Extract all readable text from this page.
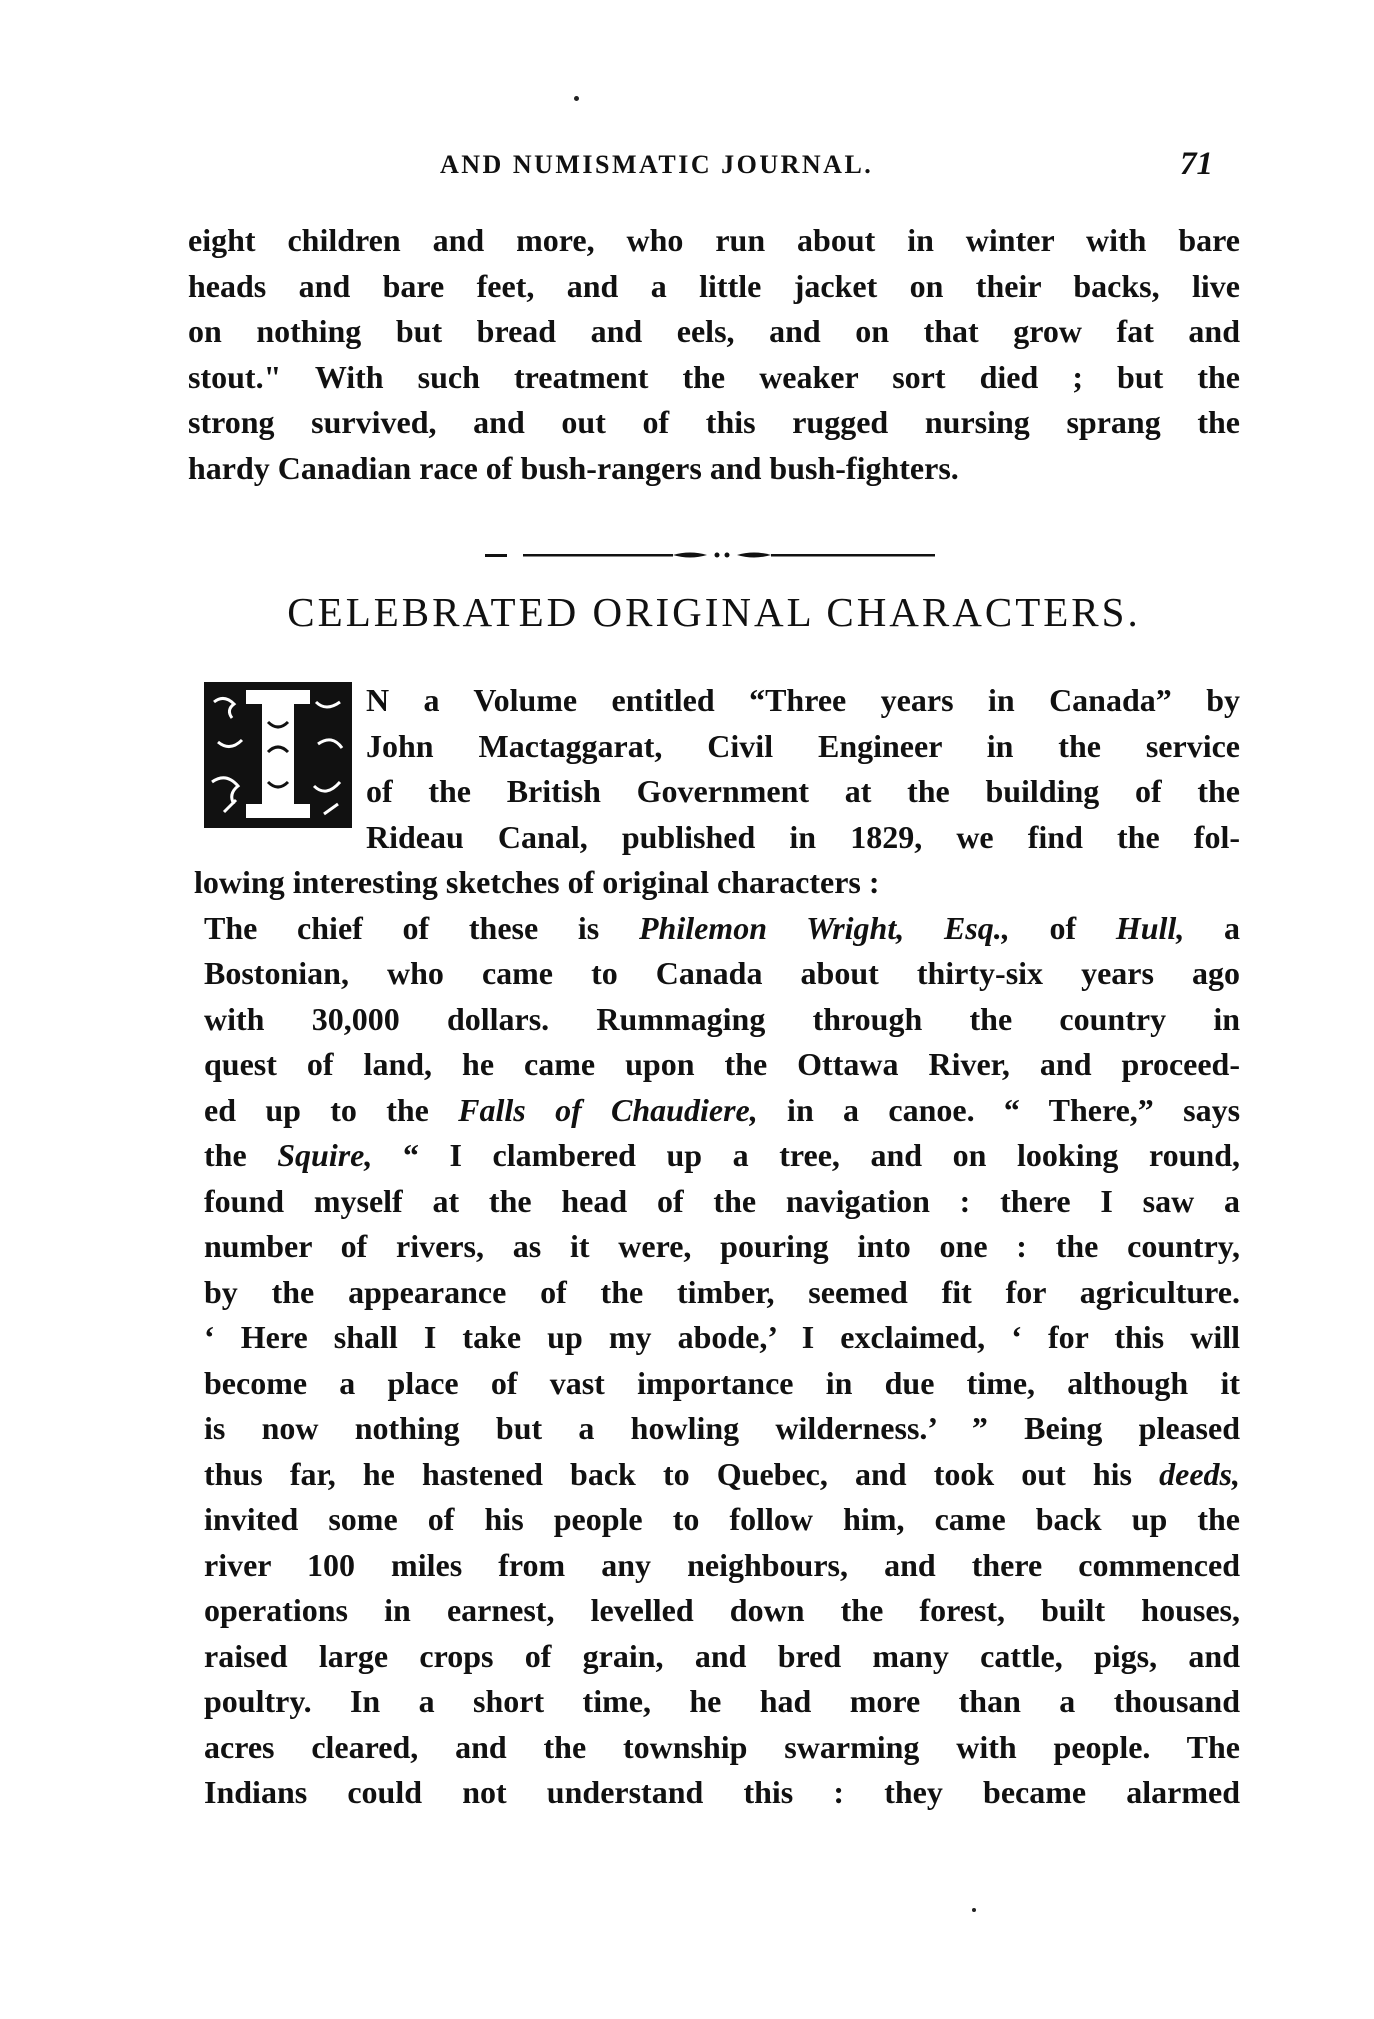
AND NUMISMATIC JOURNAL.	71
eight children and more, who run about in winter with bare
heads and bare feet, and a little jacket on their backs, live
on nothing but bread and eels, and on that grow fat and
stout." With such treatment the weaker sort died ; but the
strong survived, and out of this rugged nursing sprang the
hardy Canadian race of bush-rangers and bush-fighters.
CELEBRATED ORIGINAL CHARACTERS.
N a Volume entitled “Three years in Canada” by
John Mactaggarat, Civil Engineer in the service
of the British Government at the building of the
Rideau Canal, published in 1829, we find the fol-
lowing interesting sketches of original characters :
The chief of these is Philemon Wright, Esq., of Hull, a
Bostonian, who came to Canada about thirty-six years ago
with 30,000 dollars. Rummaging through the country in
quest of land, he came upon the Ottawa River, and proceed-
ed up to the Falls of Chaudiere, in a canoe. “ There,” says
the Squire, “ I clambered up a tree, and on looking round,
found myself at the head of the navigation : there I saw a
number of rivers, as it were, pouring into one : the country,
by the appearance of the timber, seemed fit for agriculture.
‘ Here shall I take up my abode,’ I exclaimed, ‘ for this will
become a place of vast importance in due time, although it
is now nothing but a howling wilderness.’ ” Being pleased
thus far, he hastened back to Quebec, and took out his deeds,
invited some of his people to follow him, came back up the
river 100 miles from any neighbours, and there commenced
operations in earnest, levelled down the forest, built houses,
raised large crops of grain, and bred many cattle, pigs, and
poultry. In a short time, he had more than a thousand
acres cleared, and the township swarming with people. The
Indians could not understand this : they became alarmed
